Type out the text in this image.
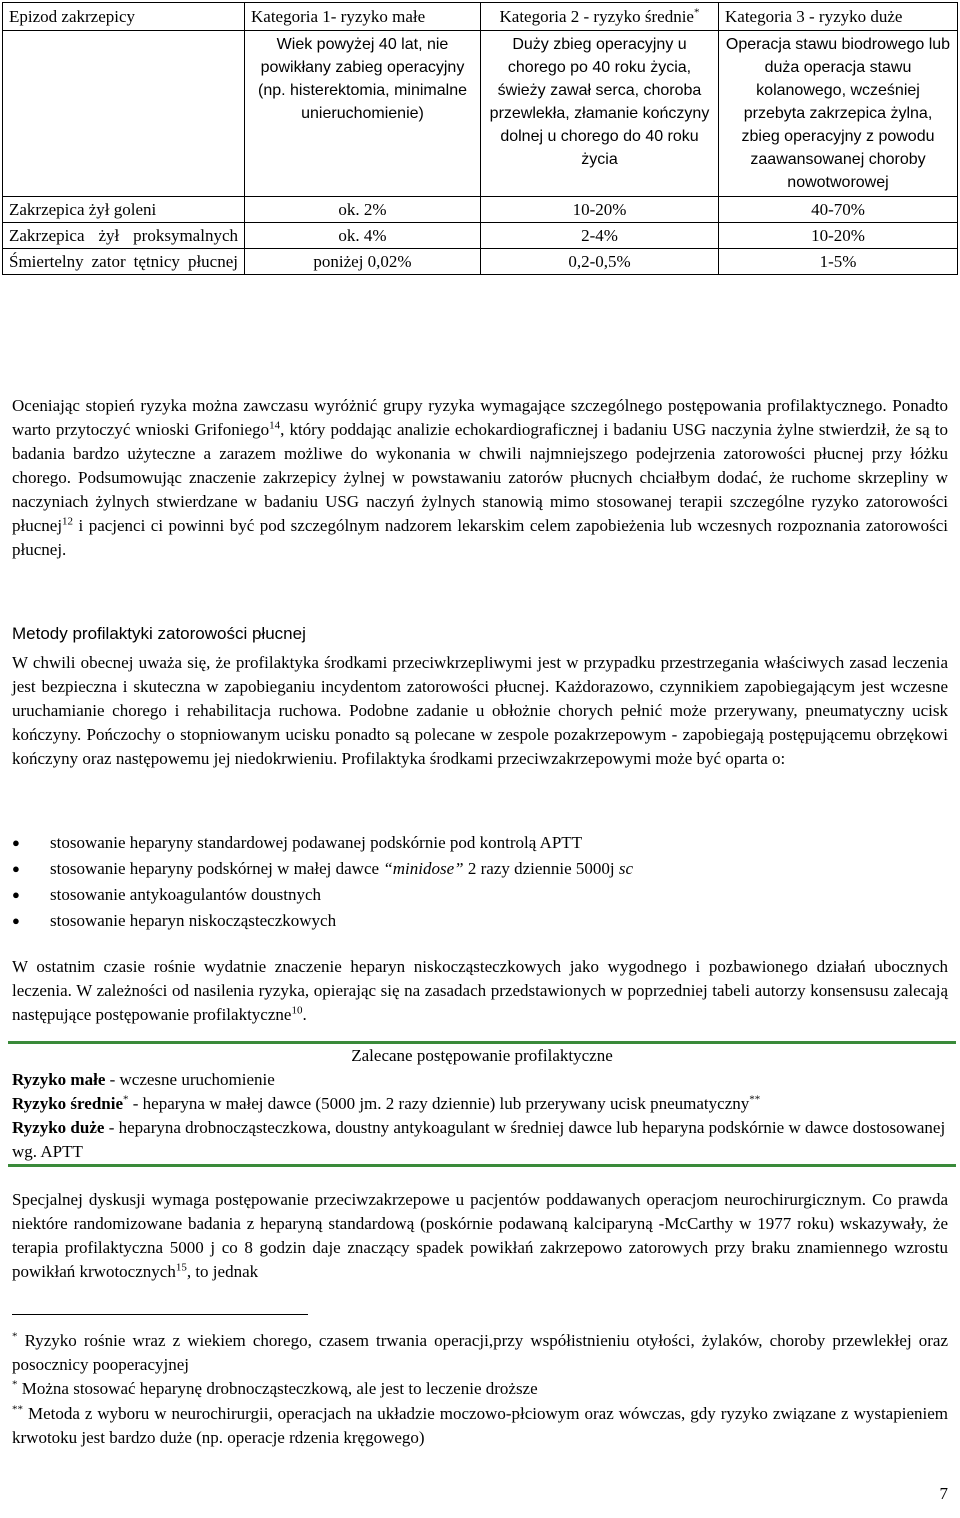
Epizod zakrzepicy	Kategoria 1- ryzyko małe	Kategoria 2 - ryzyko średnie*	Kategoria 3 - ryzyko duże
	Wiek powyżej 40 lat, nie powikłany zabieg operacyjny (np. histerektomia, minimalne unieruchomienie)	Duży zbieg operacyjny u chorego po 40 roku życia, świeży zawał serca, choroba przewlekła, złamanie kończyny dolnej u chorego do 40 roku życia	Operacja stawu biodrowego lub duża operacja stawu kolanowego, wcześniej przebyta zakrzepica żylna, zbieg operacyjny z powodu zaawansowanej choroby nowotworowej
Zakrzepica żył goleni	ok. 2%	10-20%	40-70%
Zakrzepica żył proksymalnych	ok. 4%	2-4%	10-20%
Śmiertelny zator tętnicy płucnej	poniżej 0,02%	0,2-0,5%	1-5%

Oceniając stopień ryzyka można zawczasu wyróżnić grupy ryzyka wymagające szczególnego postępowania profilaktycznego. Ponadto warto przytoczyć wnioski Grifoniego$^{14}$, który poddając analizie echokardiograficznej i badaniu USG naczynia żylne stwierdził, że są to badania bardzo użyteczne a zarazem możliwe do wykonania w chwili najmniejszego podejrzenia zatorowości płucnej przy łóżku chorego. Podsumowując znaczenie zakrzepicy żylnej w powstawaniu zatorów płucnych chciałbym dodać, że ruchome skrzepliny w naczyniach żylnych stwierdzane w badaniu USG naczyń żylnych stanowią mimo stosowanej terapii szczególne ryzyko zatorowości płucnej$^{12}$ i pacjenci ci powinni być pod szczególnym nadzorem lekarskim celem zapobieżenia lub wczesnych rozpoznania zatorowości płucnej.

Metody profilaktyki zatorowości płucnej

W chwili obecnej uważa się, że profilaktyka środkami przeciwkrzepliwymi jest w przypadku przestrzegania właściwych zasad leczenia jest bezpieczna i skuteczna w zapobieganiu incydentom zatorowości płucnej. Każdorazowo, czynnikiem zapobiegającym jest wczesne uruchamianie chorego i rehabilitacja ruchowa. Podobne zadanie u obłożnie chorych pełnić może przerywany, pneumatyczny ucisk kończyny. Pończochy o stopniowanym ucisku ponadto są polecane w zespole pozakrzepowym - zapobiegają postępującemu obrzękowi kończyny oraz następowemu jej niedokrwieniu. Profilaktyka środkami przeciwzakrzepowymi może być oparta o:

● stosowanie heparyny standardowej podawanej podskórnie pod kontrolą APTT
● stosowanie heparyny podskórnej w małej dawce “minidose” 2 razy dziennie 5000j sc
● stosowanie antykoagulantów doustnych
● stosowanie heparyn niskocząsteczkowych

W ostatnim czasie rośnie wydatnie znaczenie heparyn niskocząsteczkowych jako wygodnego i pozbawionego działań ubocznych leczenia. W zależności od nasilenia ryzyka, opierając się na zasadach przedstawionych w poprzedniej tabeli autorzy konsensusu zalecają następujące postępowanie profilaktyczne$^{10}$.

Zalecane postępowanie profilaktyczne
Ryzyko małe - wczesne uruchomienie
Ryzyko średnie* - heparyna w małej dawce (5000 jm. 2 razy dziennie) lub przerywany ucisk pneumatyczny**
Ryzyko duże - heparyna drobnocząsteczkowa, doustny antykoagulant w średniej dawce lub heparyna podskórnie w dawce dostosowanej wg. APTT

Specjalnej dyskusji wymaga postępowanie przeciwzakrzepowe u pacjentów poddawanych operacjom neurochirurgicznym. Co prawda niektóre randomizowane badania z heparyną standardową (poskórnie podawaną kalciparyną -McCarthy w 1977 roku) wskazywały, że terapia profilaktyczna 5000 j co 8 godzin daje znaczący spadek powikłań zakrzepowo zatorowych przy braku znamiennego wzrostu powikłań krwotocznych$^{15}$, to jednak

* Ryzyko rośnie wraz z wiekiem chorego, czasem trwania operacji,przy współistnieniu otyłości, żylaków, choroby przewlekłej oraz posocznicy pooperacyjnej

* Można stosować heparynę drobnocząsteczkową, ale jest to leczenie droższe

** Metoda z wyboru w neurochirurgii, operacjach na układzie moczowo-płciowym oraz wówczas, gdy ryzyko związane z wystapieniem krwotoku jest bardzo duże (np. operacje rdzenia kręgowego)

7
